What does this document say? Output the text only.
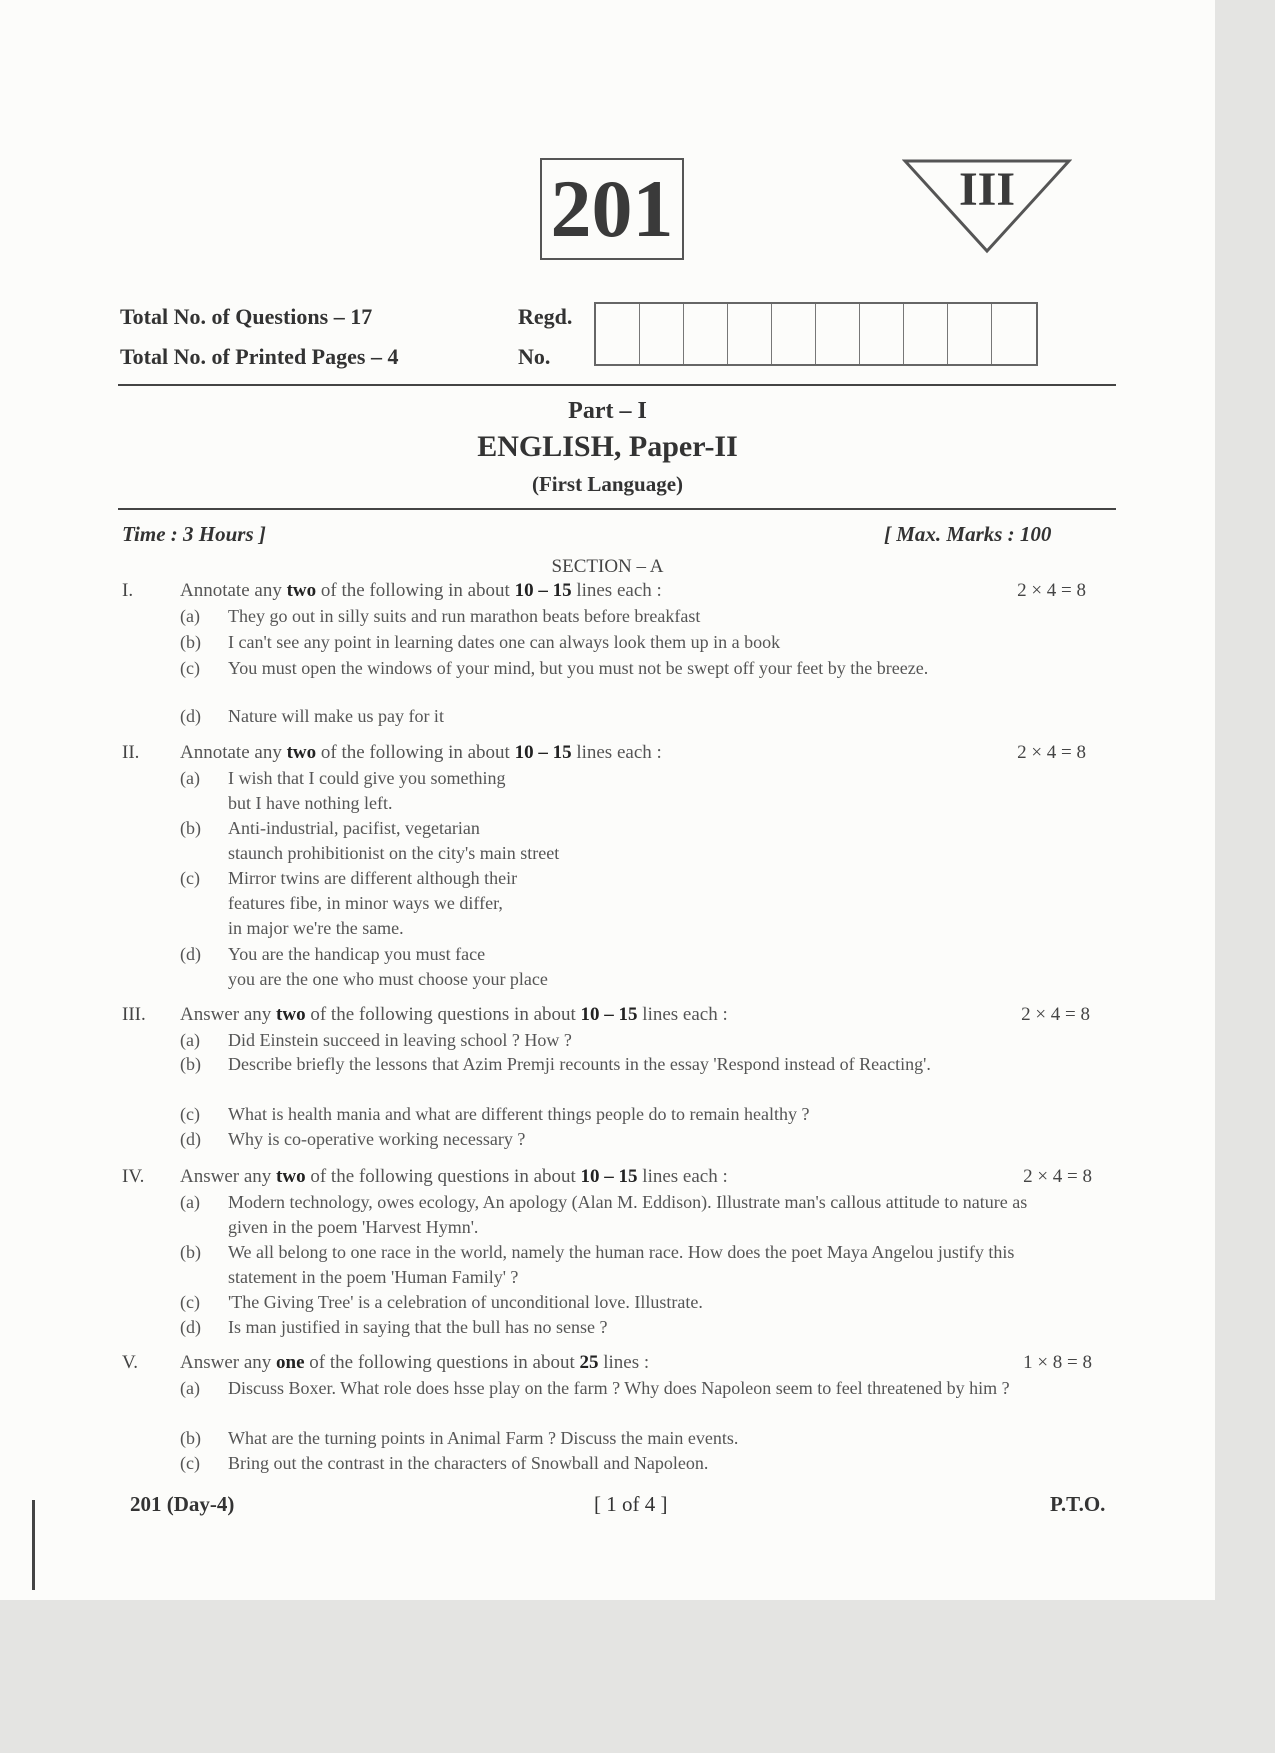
201	III
Total No. of Questions – 17
Total No. of Printed Pages – 4
Regd.
No.
Part – I
ENGLISH, Paper-II
(First Language)
Time : 3 Hours ]	[ Max. Marks : 100
SECTION – A
I. Annotate any two of the following in about 10 – 15 lines each :	2 × 4 = 8
(a) They go out in silly suits and run marathon beats before breakfast
(b) I can't see any point in learning dates one can always look them up in a book
(c) You must open the windows of your mind, but you must not be swept off your feet by the breeze.
(d) Nature will make us pay for it
II. Annotate any two of the following in about 10 – 15 lines each :	2 × 4 = 8
(a) I wish that I could give you something
but I have nothing left.
(b) Anti-industrial, pacifist, vegetarian
staunch prohibitionist on the city's main street
(c) Mirror twins are different although their
features fibe, in minor ways we differ,
in major we're the same.
(d) You are the handicap you must face
you are the one who must choose your place
III. Answer any two of the following questions in about 10 – 15 lines each :	2 × 4 = 8
(a) Did Einstein succeed in leaving school ? How ?
(b) Describe briefly the lessons that Azim Premji recounts in the essay 'Respond instead of Reacting'.
(c) What is health mania and what are different things people do to remain healthy ?
(d) Why is co-operative working necessary ?
IV. Answer any two of the following questions in about 10 – 15 lines each :	2 × 4 = 8
(a) Modern technology, owes ecology, An apology (Alan M. Eddison). Illustrate man's callous attitude to nature as given in the poem 'Harvest Hymn'.
(b) We all belong to one race in the world, namely the human race. How does the poet Maya Angelou justify this statement in the poem 'Human Family' ?
(c) 'The Giving Tree' is a celebration of unconditional love. Illustrate.
(d) Is man justified in saying that the bull has no sense ?
V. Answer any one of the following questions in about 25 lines :	1 × 8 = 8
(a) Discuss Boxer. What role does hsse play on the farm ? Why does Napoleon seem to feel threatened by him ?
(b) What are the turning points in Animal Farm ? Discuss the main events.
(c) Bring out the contrast in the characters of Snowball and Napoleon.
201 (Day-4)	[ 1 of 4 ]	P.T.O.
